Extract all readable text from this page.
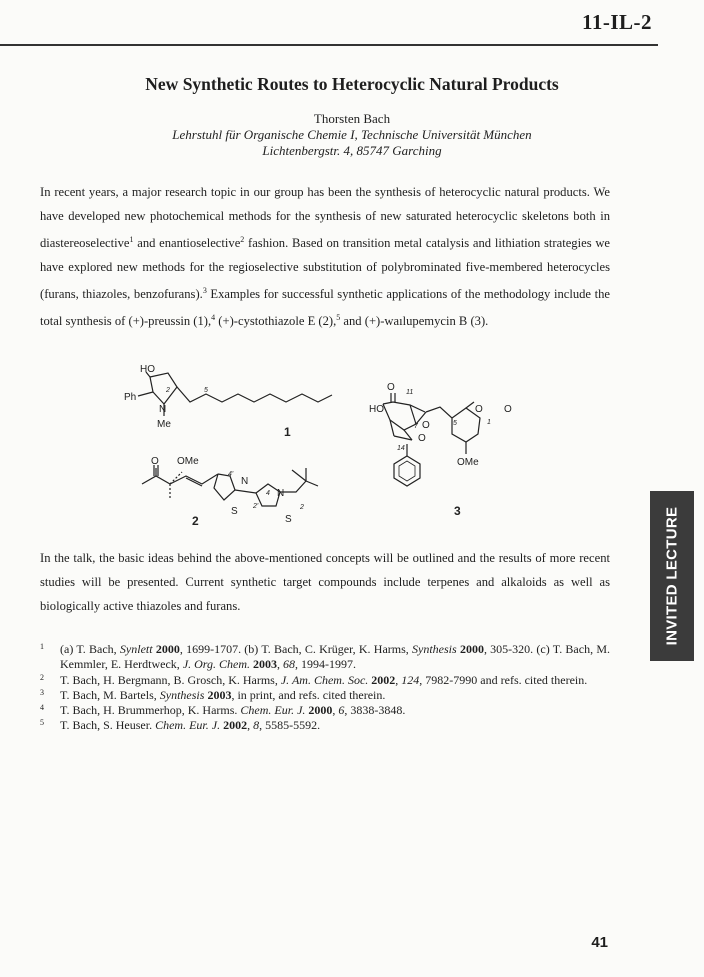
11-IL-2
New Synthetic Routes to Heterocyclic Natural Products
Thorsten Bach
Lehrstuhl für Organische Chemie I, Technische Universität München
Lichtenbergstr. 4, 85747 Garching
In recent years, a major research topic in our group has been the synthesis of heterocyclic natural products. We have developed new photochemical methods for the synthesis of new saturated heterocyclic skeletons both in diastereoselective$^1$ and enantioselective$^2$ fashion. Based on transition metal catalysis and lithiation strategies we have explored new methods for the regioselective substitution of polybrominated five-membered heterocycles (furans, thiazoles, benzofurans).$^3$ Examples for successful synthetic applications of the methodology include the total synthesis of (+)-preussin (1),$^4$ (+)-cystothiazole E (2),$^5$ and (+)-waılupemycin B (3).
HO
Ph
N
Me
2	5
O OMe
N
S
N
S
4'
2'
4
2
O 11
HO
7 O	5
O
O O
1
14
OMe
1
2
3
In the talk, the basic ideas behind the above-mentioned concepts will be outlined and the results of more recent studies will be presented. Current synthetic target compounds include terpenes and alkaloids as well as biologically active thiazoles and furans.	INVITED LECTURE
1 (a) T. Bach, Synlett 2000, 1699-1707. (b) T. Bach, C. Krüger, K. Harms, Synthesis 2000, 305-320. (c) T. Bach, M. Kemmler, E. Herdtweck, J. Org. Chem. 2003, 68, 1994-1997.
2 T. Bach, H. Bergmann, B. Grosch, K. Harms, J. Am. Chem. Soc. 2002, 124, 7982-7990 and refs. cited therein.
3 T. Bach, M. Bartels, Synthesis 2003, in print, and refs. cited therein.
4 T. Bach, H. Brummerhop, K. Harms. Chem. Eur. J. 2000, 6, 3838-3848.
5 T. Bach, S. Heuser. Chem. Eur. J. 2002, 8, 5585-5592.
41
